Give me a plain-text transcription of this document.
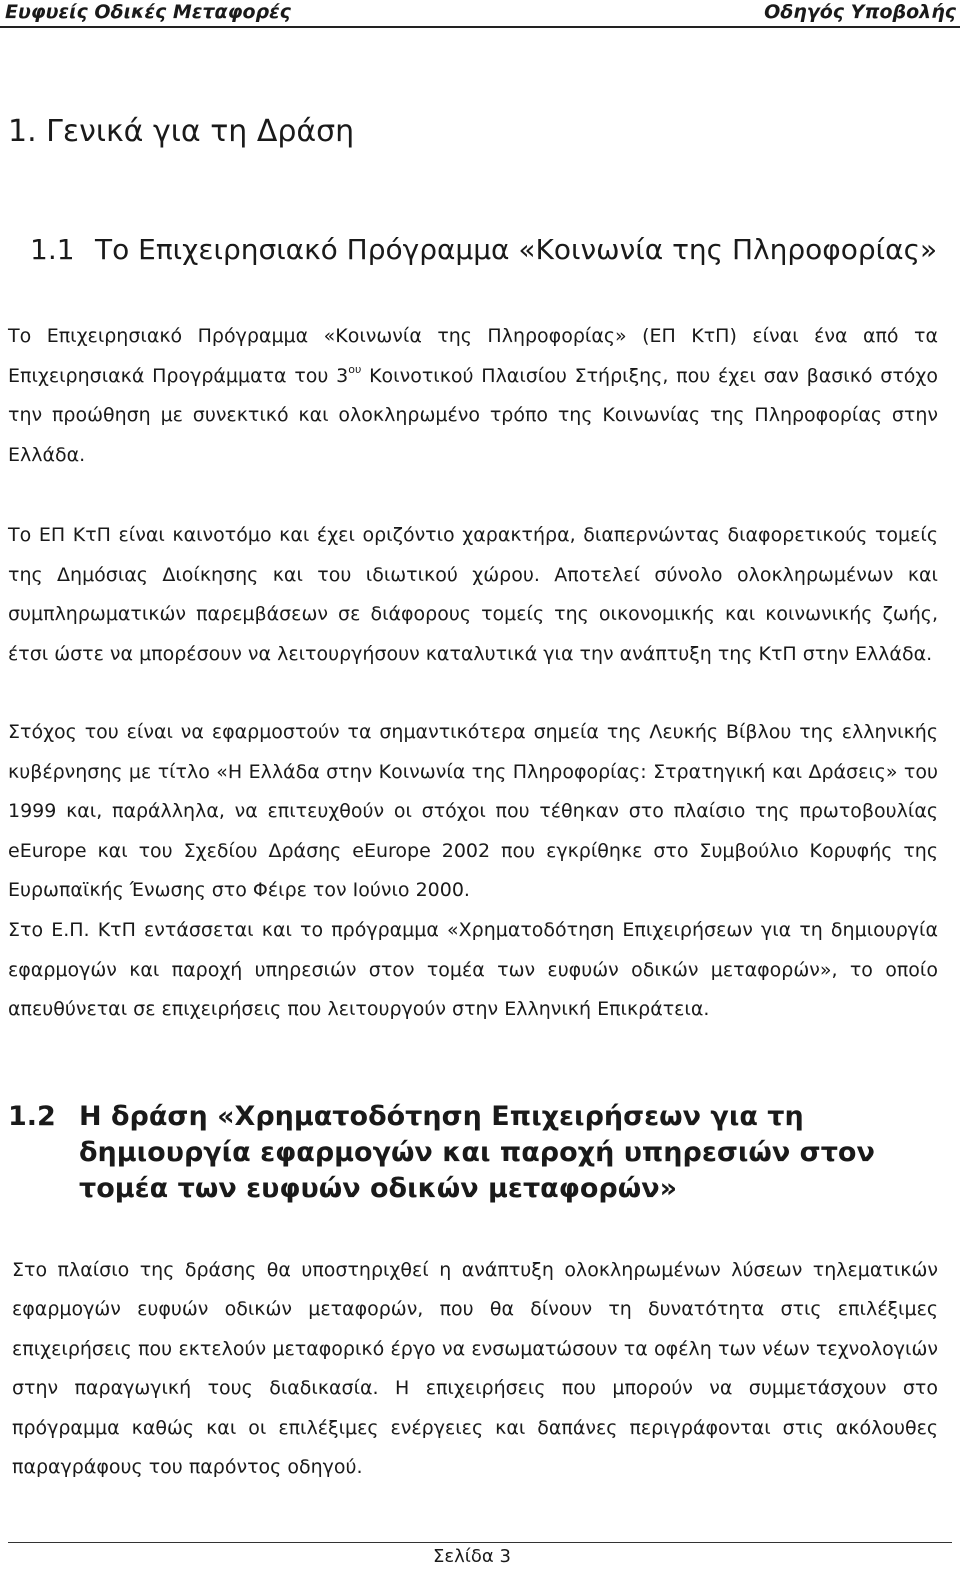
Ευφυείς Οδικές Μεταφορές	Οδηγός Υποβολής
1. Γενικά για τη Δράση
1.1 Το Επιχειρησιακό Πρόγραμμα «Κοινωνία της Πληροφορίας»

Το Επιχειρησιακό Πρόγραμμα «Κοινωνία της Πληροφορίας» (ΕΠ ΚτΠ) είναι ένα από τα Επιχειρησιακά Προγράμματα του $3^{o\upsilon}$ Κοινοτικού Πλαισίου Στήριξης, που έχει σαν βασικό στόχο την προώθηση με συνεκτικό και ολοκληρωμένο τρόπο της Κοινωνίας της Πληροφορίας στην Ελλάδα.

Το ΕΠ ΚτΠ είναι καινοτόμο και έχει οριζόντιο χαρακτήρα, διαπερνώντας διαφορετικούς τομείς της Δημόσιας Διοίκησης και του ιδιωτικού χώρου. Αποτελεί σύνολο ολοκληρωμένων και συμπληρωματικών παρεμβάσεων σε διάφορους τομείς της οικονομικής και κοινωνικής ζωής, έτσι ώστε να μπορέσουν να λειτουργήσουν καταλυτικά για την ανάπτυξη της ΚτΠ στην Ελλάδα.

Στόχος του είναι να εφαρμοστούν τα σημαντικότερα σημεία της Λευκής Βίβλου της ελληνικής κυβέρνησης με τίτλο «Η Ελλάδα στην Κοινωνία της Πληροφορίας: Στρατηγική και Δράσεις» του 1999 και, παράλληλα, να επιτευχθούν οι στόχοι που τέθηκαν στο πλαίσιο της πρωτοβουλίας eEurope και του Σχεδίου Δράσης eEurope 2002 που εγκρίθηκε στο Συμβούλιο Κορυφής της Ευρωπαϊκής Ένωσης στο Φέιρε τον Ιούνιο 2000.

Στο Ε.Π. ΚτΠ εντάσσεται και το πρόγραμμα «Χρηματοδότηση Επιχειρήσεων για τη δημιουργία εφαρμογών και παροχή υπηρεσιών στον τομέα των ευφυών οδικών μεταφορών», το οποίο απευθύνεται σε επιχειρήσεις που λειτουργούν στην Ελληνική Επικράτεια.

1.2 Η δράση «Χρηματοδότηση Επιχειρήσεων για τη δημιουργία εφαρμογών και παροχή υπηρεσιών στον τομέα των ευφυών οδικών μεταφορών»

Στο πλαίσιο της δράσης θα υποστηριχθεί η ανάπτυξη ολοκληρωμένων λύσεων τηλεματικών εφαρμογών ευφυών οδικών μεταφορών, που θα δίνουν τη δυνατότητα στις επιλέξιμες επιχειρήσεις που εκτελούν μεταφορικό έργο να ενσωματώσουν τα οφέλη των νέων τεχνολογιών στην παραγωγική τους διαδικασία. Η επιχειρήσεις που μπορούν να συμμετάσχουν στο πρόγραμμα καθώς και οι επιλέξιμες ενέργειες και δαπάνες περιγράφονται στις ακόλουθες παραγράφους του παρόντος οδηγού.

Σελίδα 3
